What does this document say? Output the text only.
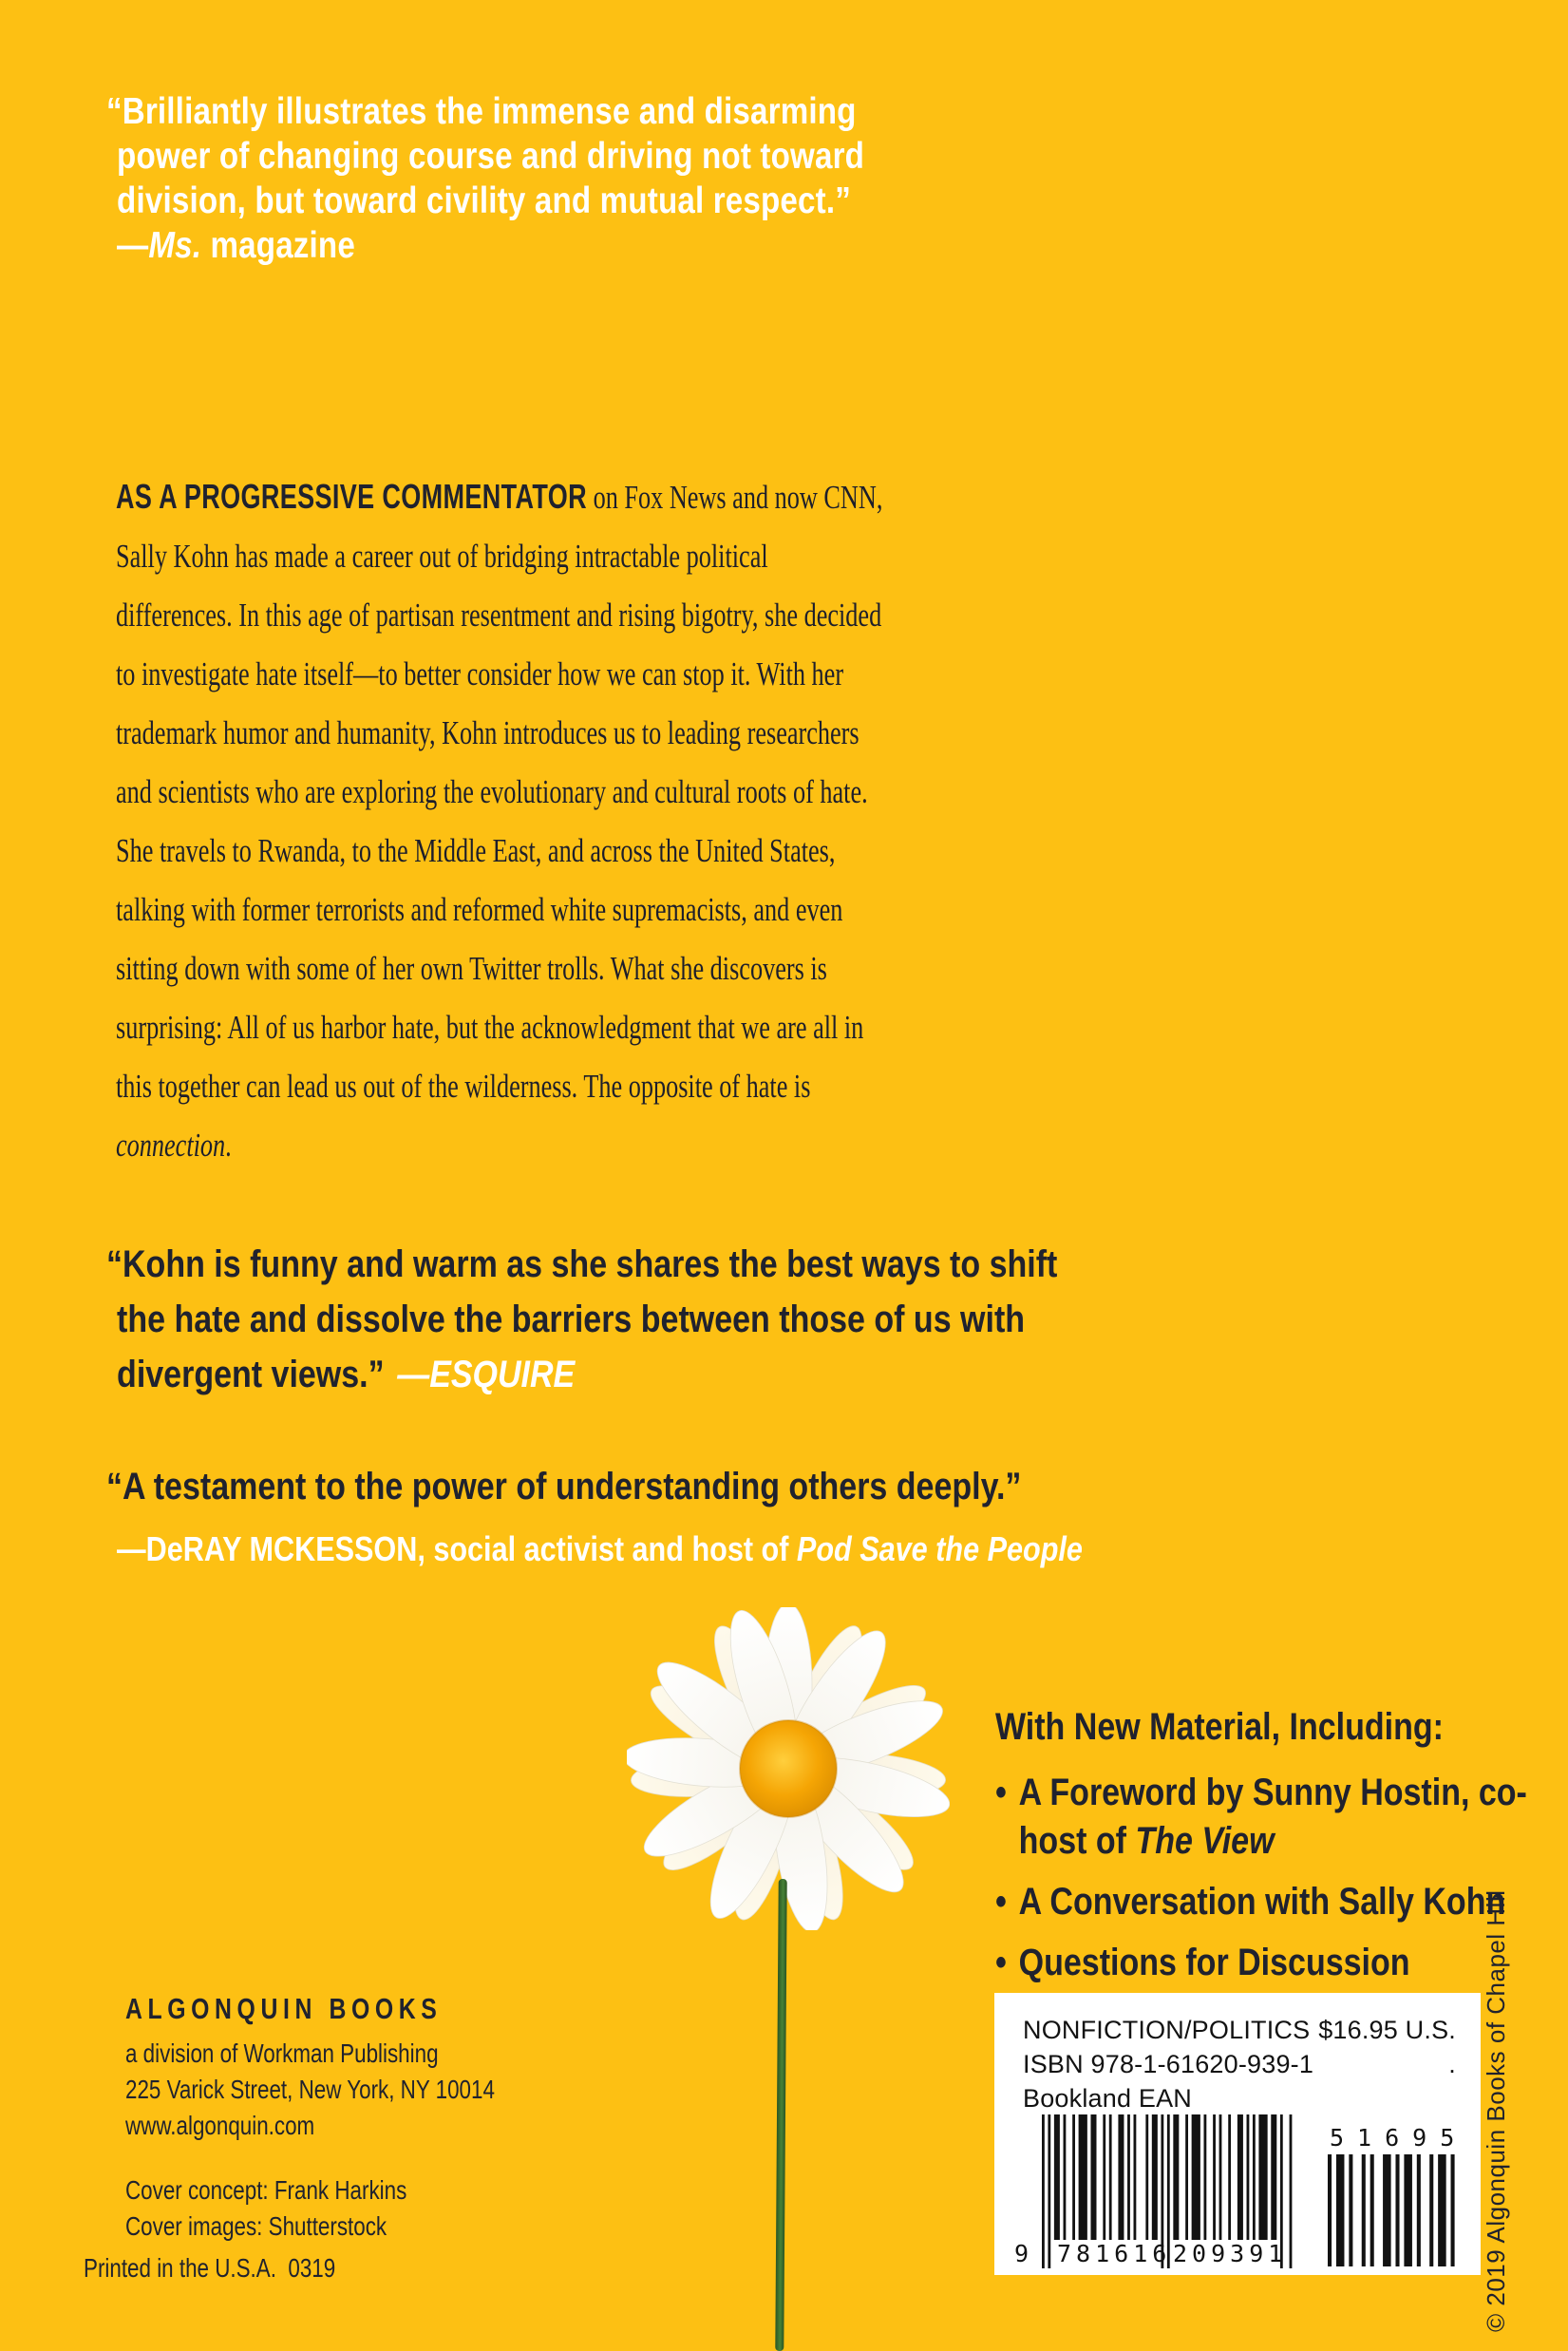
“Brilliantly illustrates the immense and disarming
power of changing course and driving not toward
division, but toward civility and mutual respect.”
—Ms. magazine
AS A PROGRESSIVE COMMENTATOR on Fox News and now CNN, Sally Kohn has made a career out of bridging intractable political differences. In this age of partisan resentment and rising bigotry, she decided to investigate hate itself—to better consider how we can stop it. With her trademark humor and humanity, Kohn introduces us to leading researchers and scientists who are exploring the evolutionary and cultural roots of hate. She travels to Rwanda, to the Middle East, and across the United States, talking with former terrorists and reformed white supremacists, and even sitting down with some of her own Twitter trolls. What she discovers is surprising: All of us harbor hate, but the acknowledgment that we are all in this together can lead us out of the wilderness. The opposite of hate is connection.
“Kohn is funny and warm as she shares the best ways to shift
the hate and dissolve the barriers between those of us with
divergent views.” —ESQUIRE
“A testament to the power of understanding others deeply.”
—DeRAY MCKESSON, social activist and host of Pod Save the People
With New Material, Including:
• A Foreword by Sunny Hostin, co-host of The View
• A Conversation with Sally Kohn
• Questions for Discussion
ALGONQUIN BOOKS
a division of Workman Publishing
225 Varick Street, New York, NY 10014
www.algonquin.com
Cover concept: Frank Harkins
Cover images: Shutterstock
Printed in the U.S.A.  0319
NONFICTION/POLITICS $16.95 U.S.
ISBN 978-1-61620-939-1	.
Bookland EAN
9 781616 209391
51695 © 2019 Algonquin Books of Chapel Hill
